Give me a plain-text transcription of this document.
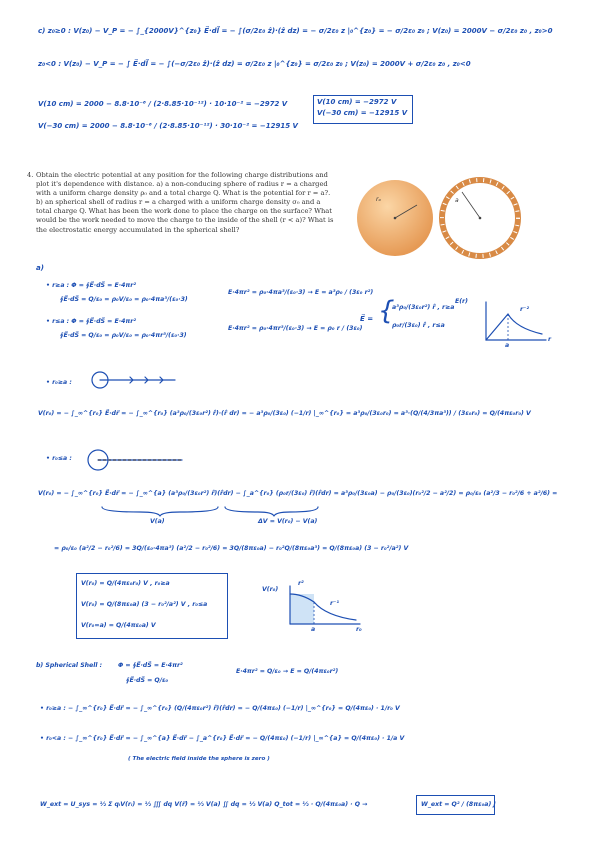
c) z₀≥0 : V(z₀) − V_P = − ∫_{2000V}^{z₀} E⃗·dl⃗ = − ∫(σ/2ε₀ ẑ)·(ẑ dz) = − σ/2ε₀ z |₀^{z₀} = − σ/2ε₀ z₀ ; V(z₀) = 2000V − σ/2ε₀ z₀ , z₀>0
z₀<0 : V(z₀) − V_P = − ∫ E⃗·dl⃗ = − ∫(−σ/2ε₀ ẑ)·(ẑ dz) = σ/2ε₀ z |₀^{z₀} = σ/2ε₀ z₀ ; V(z₀) = 2000V + σ/2ε₀ z₀ , z₀<0
V(10 cm) = 2000 − 8.8·10⁻⁶ / (2·8.85·10⁻¹²) · 10·10⁻² = −2972 V
V(−30 cm) = 2000 − 8.8·10⁻⁶ / (2·8.85·10⁻¹²) · 30·10⁻² = −12915 V
V(10 cm) = −2972 V
V(−30 cm) = −12915 V
4. Obtain the electric potential at any position for the following charge distributions and plot it's dependence with distance. a) a non-conducing sphere of radius r = a charged with a uniform charge density ρ₀ and a total charge Q. What is the potential for r = a?. b) an spherical shell of radius r = a charged with a uniform charge density σ₀ and a total charge Q. What has been the work done to place the charge on the surface? What would be the work needed to move the charge to the inside of the shell (r < a)? What is the electrostatic energy accumulated in the spherical shell?
rₒ	a
a)
• r≥a : Φ = ∮E⃗·dS⃗ = E·4πr²
∮E⃗·dS⃗ = Q/ε₀ = ρ₀V/ε₀ = ρ₀·4πa³/(ε₀·3)
E·4πr² = ρ₀·4πa³/(ε₀·3) → E = a³ρ₀ / (3ε₀ r²)
• r≤a : Φ = ∮E⃗·dS⃗ = E·4πr²
∮E⃗·dS⃗ = Q/ε₀ = ρ₀V/ε₀ = ρ₀·4πr³/(ε₀·3)
E·4πr² = ρ₀·4πr³/(ε₀·3) → E = ρ₀ r / (3ε₀)
E⃗ = {
a³ρ₀/(3ε₀r²) r̂ , r≥a
ρ₀r/(3ε₀) r̂ , r≤a
E(r)
r⁻²
a
r
• r₀≥a :
V(r₀) = − ∫_∞^{r₀} E⃗·dr⃗ = − ∫_∞^{r₀} (a³ρ₀/(3ε₀r²) r̂)·(r̂ dr) = − a³ρ₀/(3ε₀) (−1/r) |_∞^{r₀} = a³ρ₀/(3ε₀r₀) = a³·(Q/(4/3πa³)) / (3ε₀r₀) = Q/(4πε₀r₀) V
• r₀≤a :
V(r₀) = − ∫_∞^{r₀} E⃗·dr⃗ = − ∫_∞^{a} (a³ρ₀/(3ε₀r²) r̂)(r̂dr) − ∫_a^{r₀} (ρ₀r/(3ε₀) r̂)(r̂dr) = a³ρ₀/(3ε₀a) − ρ₀/(3ε₀)(r₀²/2 − a²/2) = ρ₀/ε₀ (a²/3 − r₀²/6 + a²/6) =
V(a)	ΔV = V(r₀) − V(a)
= ρ₀/ε₀ (a²/2 − r₀²/6) = 3Q/(ε₀·4πa³) (a²/2 − r₀²/6) = 3Q/(8πε₀a) − r₀²Q/(8πε₀a³) = Q/(8πε₀a) (3 − r₀²/a²) V
V(r₀) = Q/(4πε₀r₀) V , r₀≥a
V(r₀) = Q/(8πε₀a) (3 − r₀²/a²) V , r₀≤a
V(r₀=a) = Q/(4πε₀a) V
V(r₀)
r²
r⁻¹
a	r₀
b) Spherical Shell :	Φ = ∮E⃗·dS⃗ = E·4πr²
∮E⃗·dS⃗ = Q/ε₀
E·4πr² = Q/ε₀ → E = Q/(4πε₀r²)
• r₀≥a : − ∫_∞^{r₀} E⃗·dr⃗ = − ∫_∞^{r₀} (Q/(4πε₀r²) r̂)(r̂dr) = − Q/(4πε₀) (−1/r) |_∞^{r₀} = Q/(4πε₀) · 1/r₀ V
• r₀<a : − ∫_∞^{r₀} E⃗·dr⃗ = − ∫_∞^{a} E⃗·dr⃗ − ∫_a^{r₀} E⃗·dr⃗ = − Q/(4πε₀) (−1/r) |_∞^{a} = Q/(4πε₀) · 1/a V
( The electric field inside the sphere is zero )
W_ext = U_sys = ½ Σ qᵢV(rᵢ) = ½ ∭ dq V(r⃗) = ½ V(a) ∬ dq = ½ V(a) Q_tot = ½ · Q/(4πε₀a) · Q →	W_ext = Q² / (8πε₀a) J
